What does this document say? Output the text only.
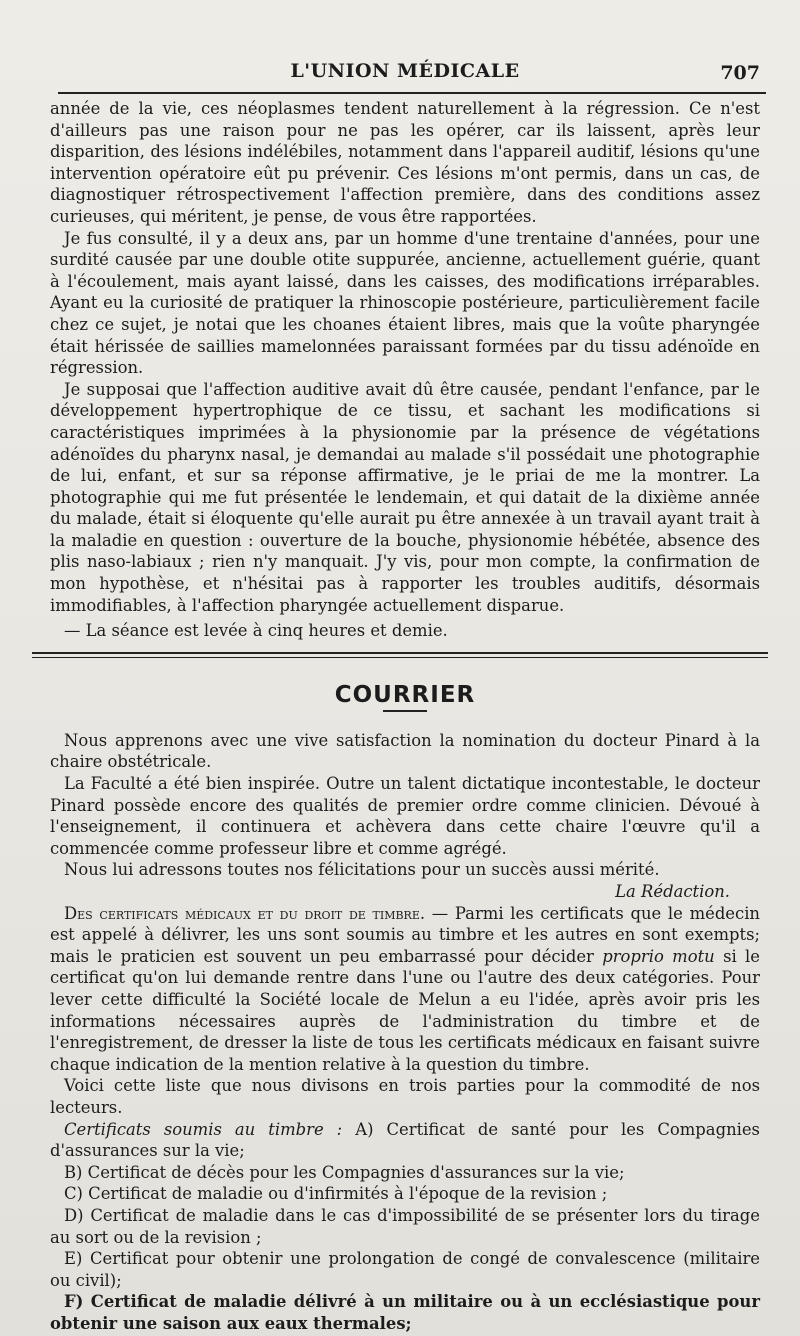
L'UNION MÉDICALE	707

année de la vie, ces néoplasmes tendent naturellement à la régression. Ce n'est d'ailleurs pas une raison pour ne pas les opérer, car ils laissent, après leur disparition, des lésions indélébiles, notamment dans l'appareil auditif, lésions qu'une intervention opératoire eût pu prévenir. Ces lésions m'ont permis, dans un cas, de diagnostiquer rétrospectivement l'affection première, dans des conditions assez curieuses, qui méritent, je pense, de vous être rapportées.

Je fus consulté, il y a deux ans, par un homme d'une trentaine d'années, pour une surdité causée par une double otite suppurée, ancienne, actuellement guérie, quant à l'écoulement, mais ayant laissé, dans les caisses, des modifications irréparables. Ayant eu la curiosité de pratiquer la rhinoscopie postérieure, particulièrement facile chez ce sujet, je notai que les choanes étaient libres, mais que la voûte pharyngée était hérissée de saillies mamelonnées paraissant formées par du tissu adénoïde en régression.

Je supposai que l'affection auditive avait dû être causée, pendant l'enfance, par le développement hypertrophique de ce tissu, et sachant les modifications si caractéristiques imprimées à la physionomie par la présence de végétations adénoïdes du pharynx nasal, je demandai au malade s'il possédait une photographie de lui, enfant, et sur sa réponse affirmative, je le priai de me la montrer. La photographie qui me fut présentée le lendemain, et qui datait de la dixième année du malade, était si éloquente qu'elle aurait pu être annexée à un travail ayant trait à la maladie en question : ouverture de la bouche, physionomie hébétée, absence des plis naso-labiaux ; rien n'y manquait. J'y vis, pour mon compte, la confirmation de mon hypothèse, et n'hésitai pas à rapporter les troubles auditifs, désormais immodifiables, à l'affection pharyngée actuellement disparue.

— La séance est levée à cinq heures et demie.

COURRIER

Nous apprenons avec une vive satisfaction la nomination du docteur Pinard à la chaire obstétricale.

La Faculté a été bien inspirée. Outre un talent dictatique incontestable, le docteur Pinard possède encore des qualités de premier ordre comme clinicien. Dévoué à l'enseignement, il continuera et achèvera dans cette chaire l'œuvre qu'il a commencée comme professeur libre et comme agrégé.

Nous lui adressons toutes nos félicitations pour un succès aussi mérité.

La Rédaction.

Des certificats médicaux et du droit de timbre. — Parmi les certificats que le médecin est appelé à délivrer, les uns sont soumis au timbre et les autres en sont exempts; mais le praticien est souvent un peu embarrassé pour décider proprio motu si le certificat qu'on lui demande rentre dans l'une ou l'autre des deux catégories. Pour lever cette difficulté la Société locale de Melun a eu l'idée, après avoir pris les informations nécessaires auprès de l'administration du timbre et de l'enregistrement, de dresser la liste de tous les certificats médicaux en faisant suivre chaque indication de la mention relative à la question du timbre.

Voici cette liste que nous divisons en trois parties pour la commodité de nos lecteurs.

Certificats soumis au timbre : A) Certificat de santé pour les Compagnies d'assurances sur la vie;

B) Certificat de décès pour les Compagnies d'assurances sur la vie;

C) Certificat de maladie ou d'infirmités à l'époque de la revision ;

D) Certificat de maladie dans le cas d'impossibilité de se présenter lors du tirage au sort ou de la revision ;

E) Certificat pour obtenir une prolongation de congé de convalescence (militaire ou civil);

F) Certificat de maladie délivré à un militaire ou à un ecclésiastique pour obtenir une saison aux eaux thermales;
